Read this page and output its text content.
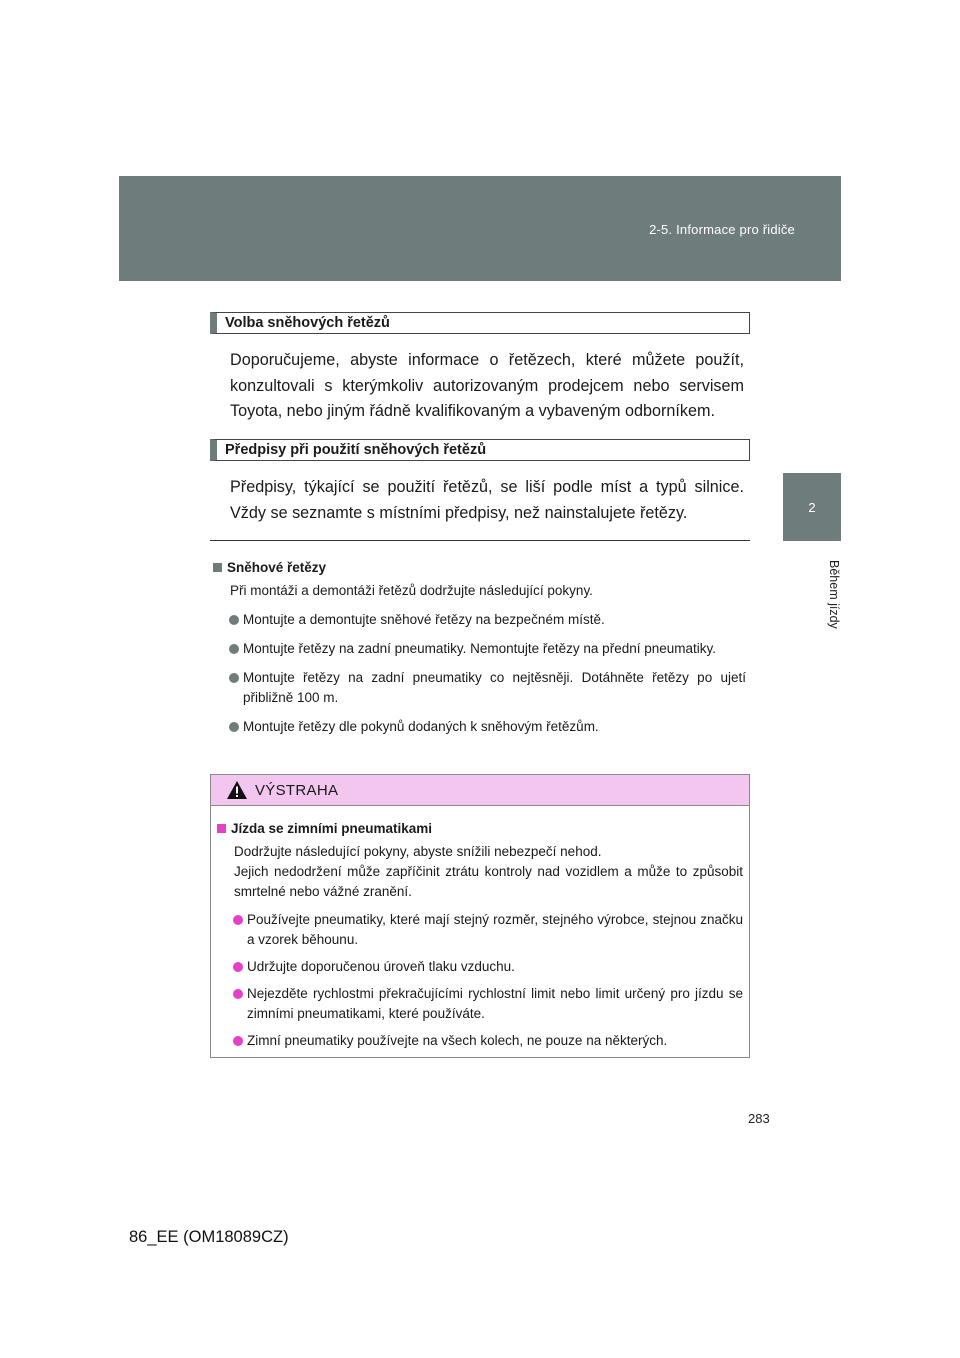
2-5. Informace pro řidiče
2
Během jízdy
Volba sněhových řetězů
Doporučujeme, abyste informace o řetězech, které můžete použít, konzultovali s kterýmkoliv autorizovaným prodejcem nebo servisem Toyota, nebo jiným řádně kvalifikovaným a vybaveným odborníkem.
Předpisy při použití sněhových řetězů
Předpisy, týkající se použití řetězů, se liší podle míst a typů silnice. Vždy se seznamte s místními předpisy, než nainstalujete řetězy.
Sněhové řetězy
Při montáži a demontáži řetězů dodržujte následující pokyny.
Montujte a demontujte sněhové řetězy na bezpečném místě.
Montujte řetězy na zadní pneumatiky. Nemontujte řetězy na přední pneumatiky.
Montujte řetězy na zadní pneumatiky co nejtěsněji. Dotáhněte řetězy po ujetí přibližně 100 m.
Montujte řetězy dle pokynů dodaných k sněhovým řetězům.
VÝSTRAHA
Jízda se zimními pneumatikami
Dodržujte následující pokyny, abyste snížili nebezpečí nehod.
Jejich nedodržení může zapříčinit ztrátu kontroly nad vozidlem a může to způsobit smrtelné nebo vážné zranění.
Používejte pneumatiky, které mají stejný rozměr, stejného výrobce, stejnou značku a vzorek běhounu.
Udržujte doporučenou úroveň tlaku vzduchu.
Nejezděte rychlostmi překračujícími rychlostní limit nebo limit určený pro jízdu se zimními pneumatikami, které používáte.
Zimní pneumatiky používejte na všech kolech, ne pouze na některých.
283
86_EE (OM18089CZ)
